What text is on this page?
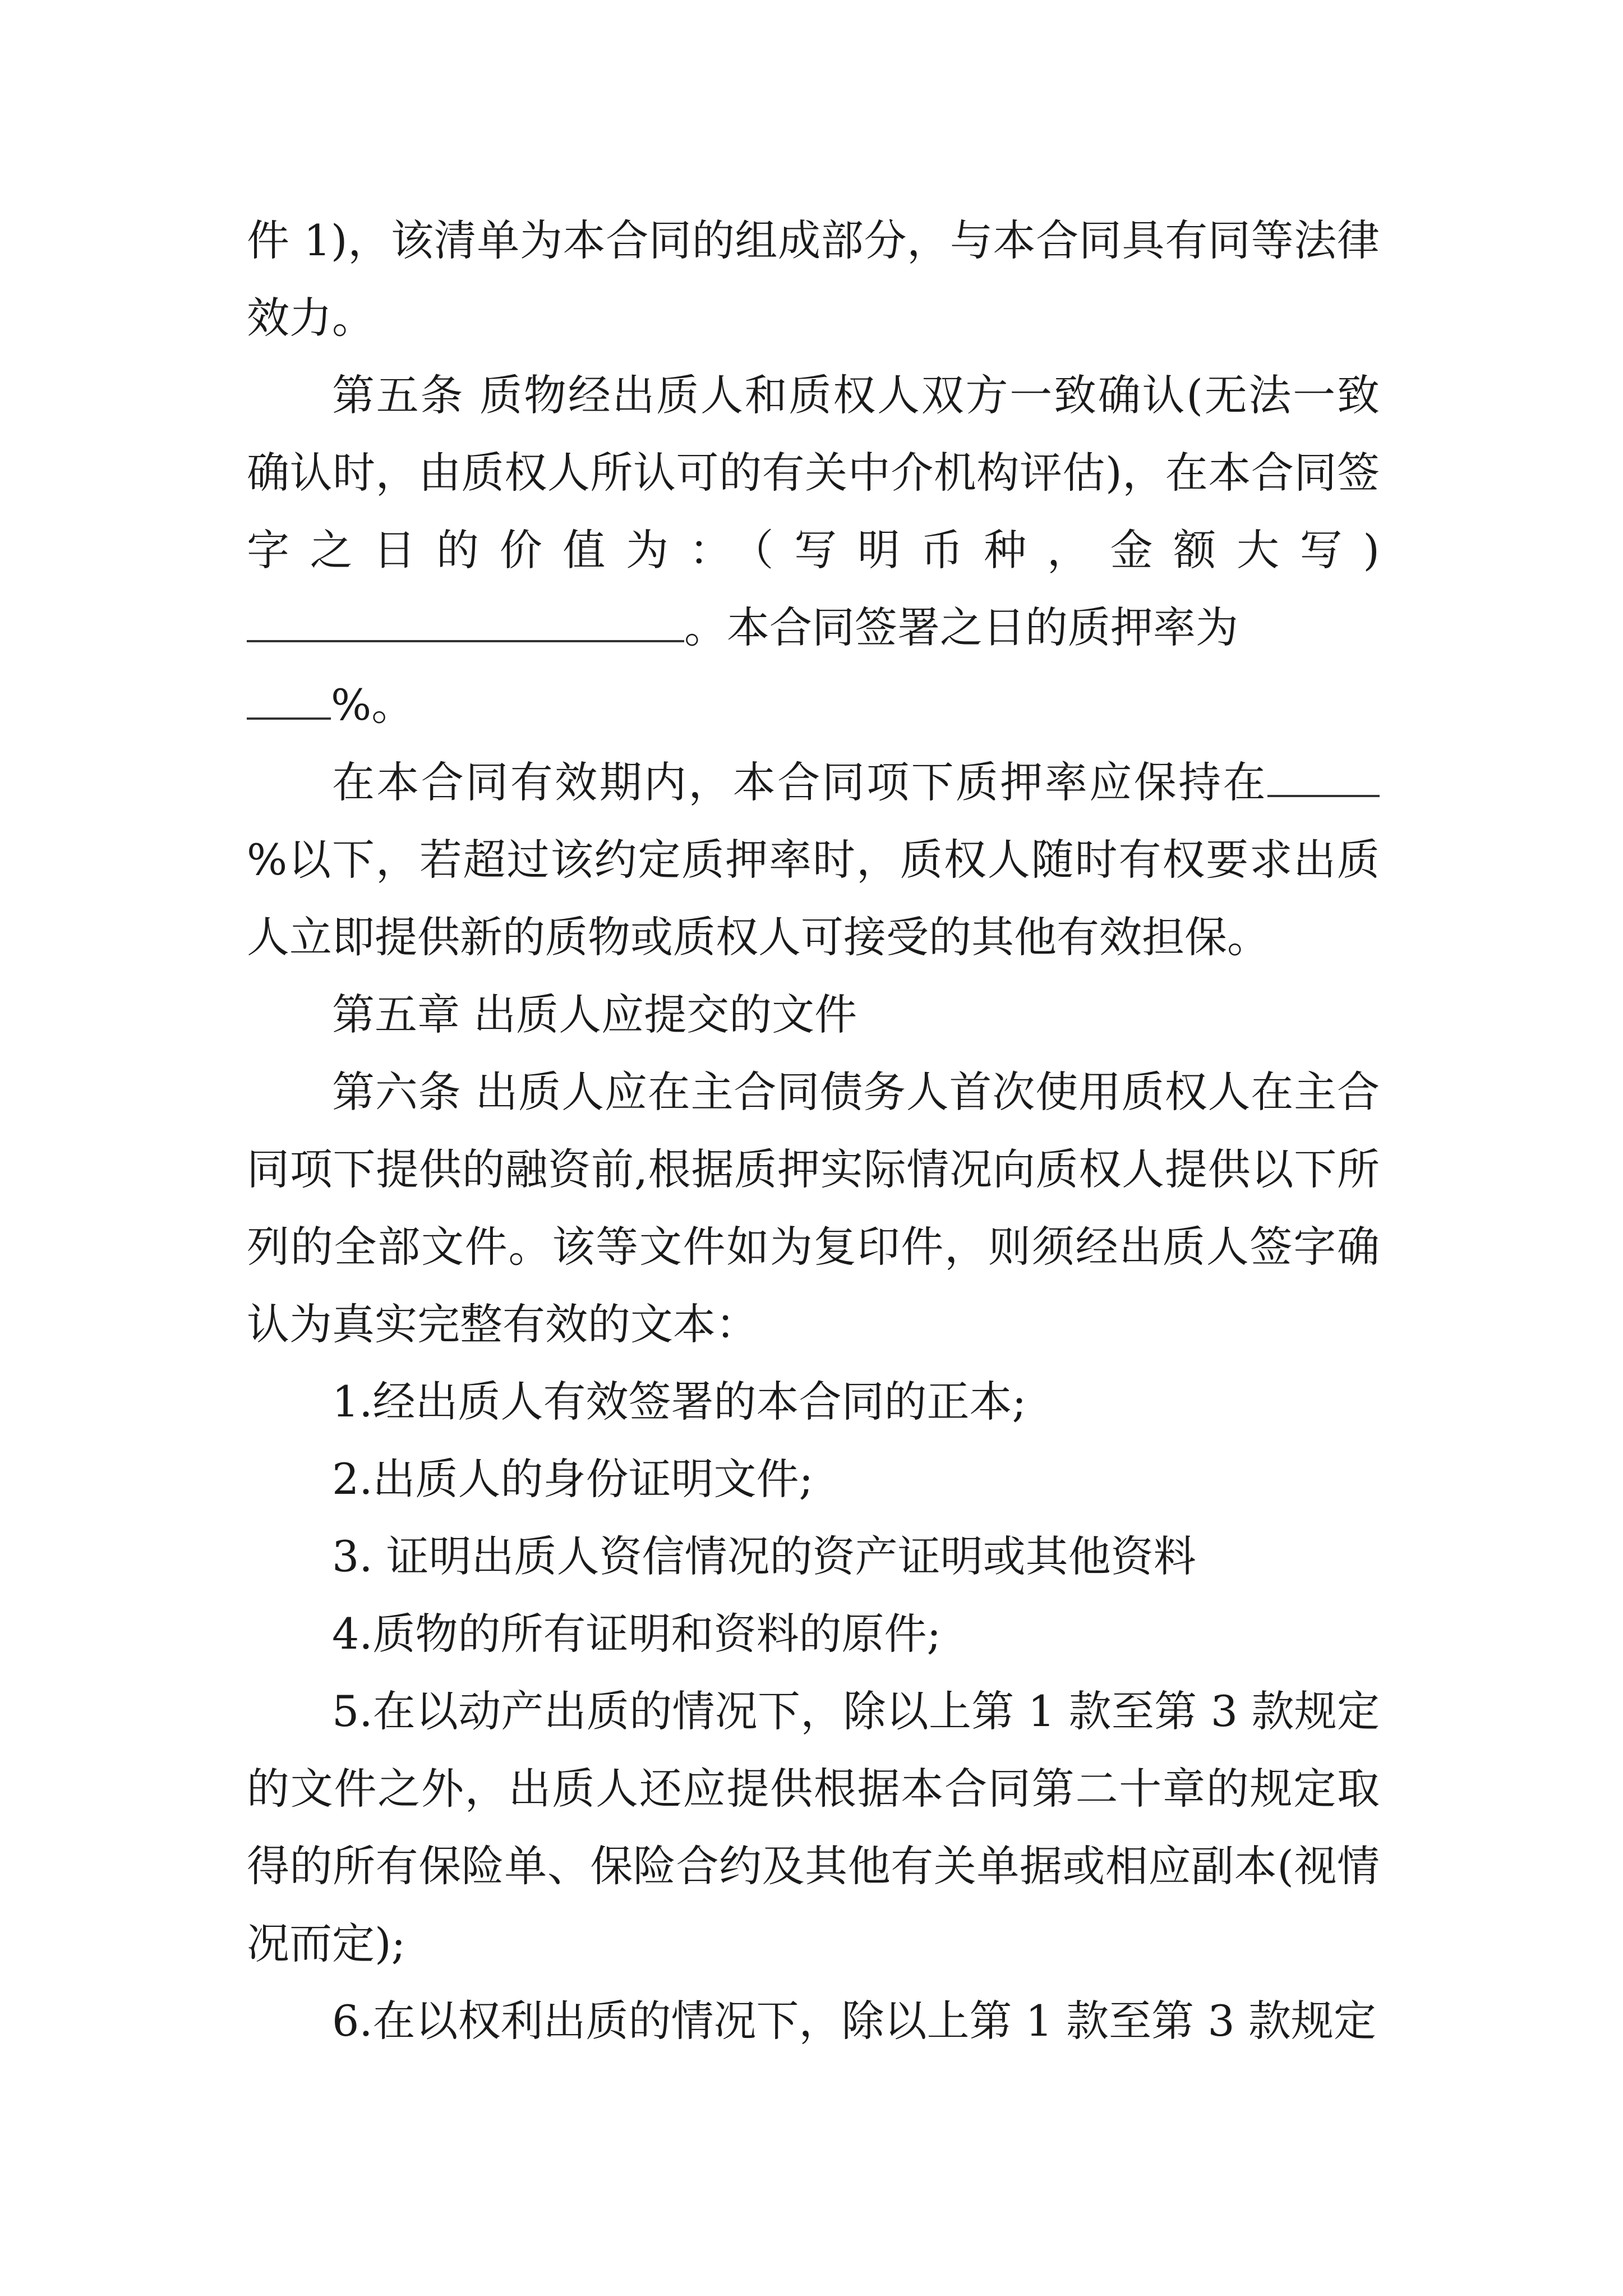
件 1)，该清单为本合同的组成部分，与本合同具有同等法律效力。

第五条 质物经出质人和质权人双方一致确认(无法一致确认时，由质权人所认可的有关中介机构评估)，在本合同签字之日的价值为：（写明币种，金额大写)。本合同签署之日的质押率为
%。

在本合同有效期内，本合同项下质押率应保持在%以下，若超过该约定质押率时，质权人随时有权要求出质人立即提供新的质物或质权人可接受的其他有效担保。

第五章 出质人应提交的文件

第六条 出质人应在主合同债务人首次使用质权人在主合同项下提供的融资前,根据质押实际情况向质权人提供以下所列的全部文件。该等文件如为复印件，则须经出质人签字确认为真实完整有效的文本：

1.经出质人有效签署的本合同的正本;

2.出质人的身份证明文件;

3. 证明出质人资信情况的资产证明或其他资料

4.质物的所有证明和资料的原件;

5.在以动产出质的情况下，除以上第 1 款至第 3 款规定的文件之外，出质人还应提供根据本合同第二十章的规定取得的所有保险单、保险合约及其他有关单据或相应副本(视情况而定);

6.在以权利出质的情况下，除以上第 1 款至第 3 款规定
